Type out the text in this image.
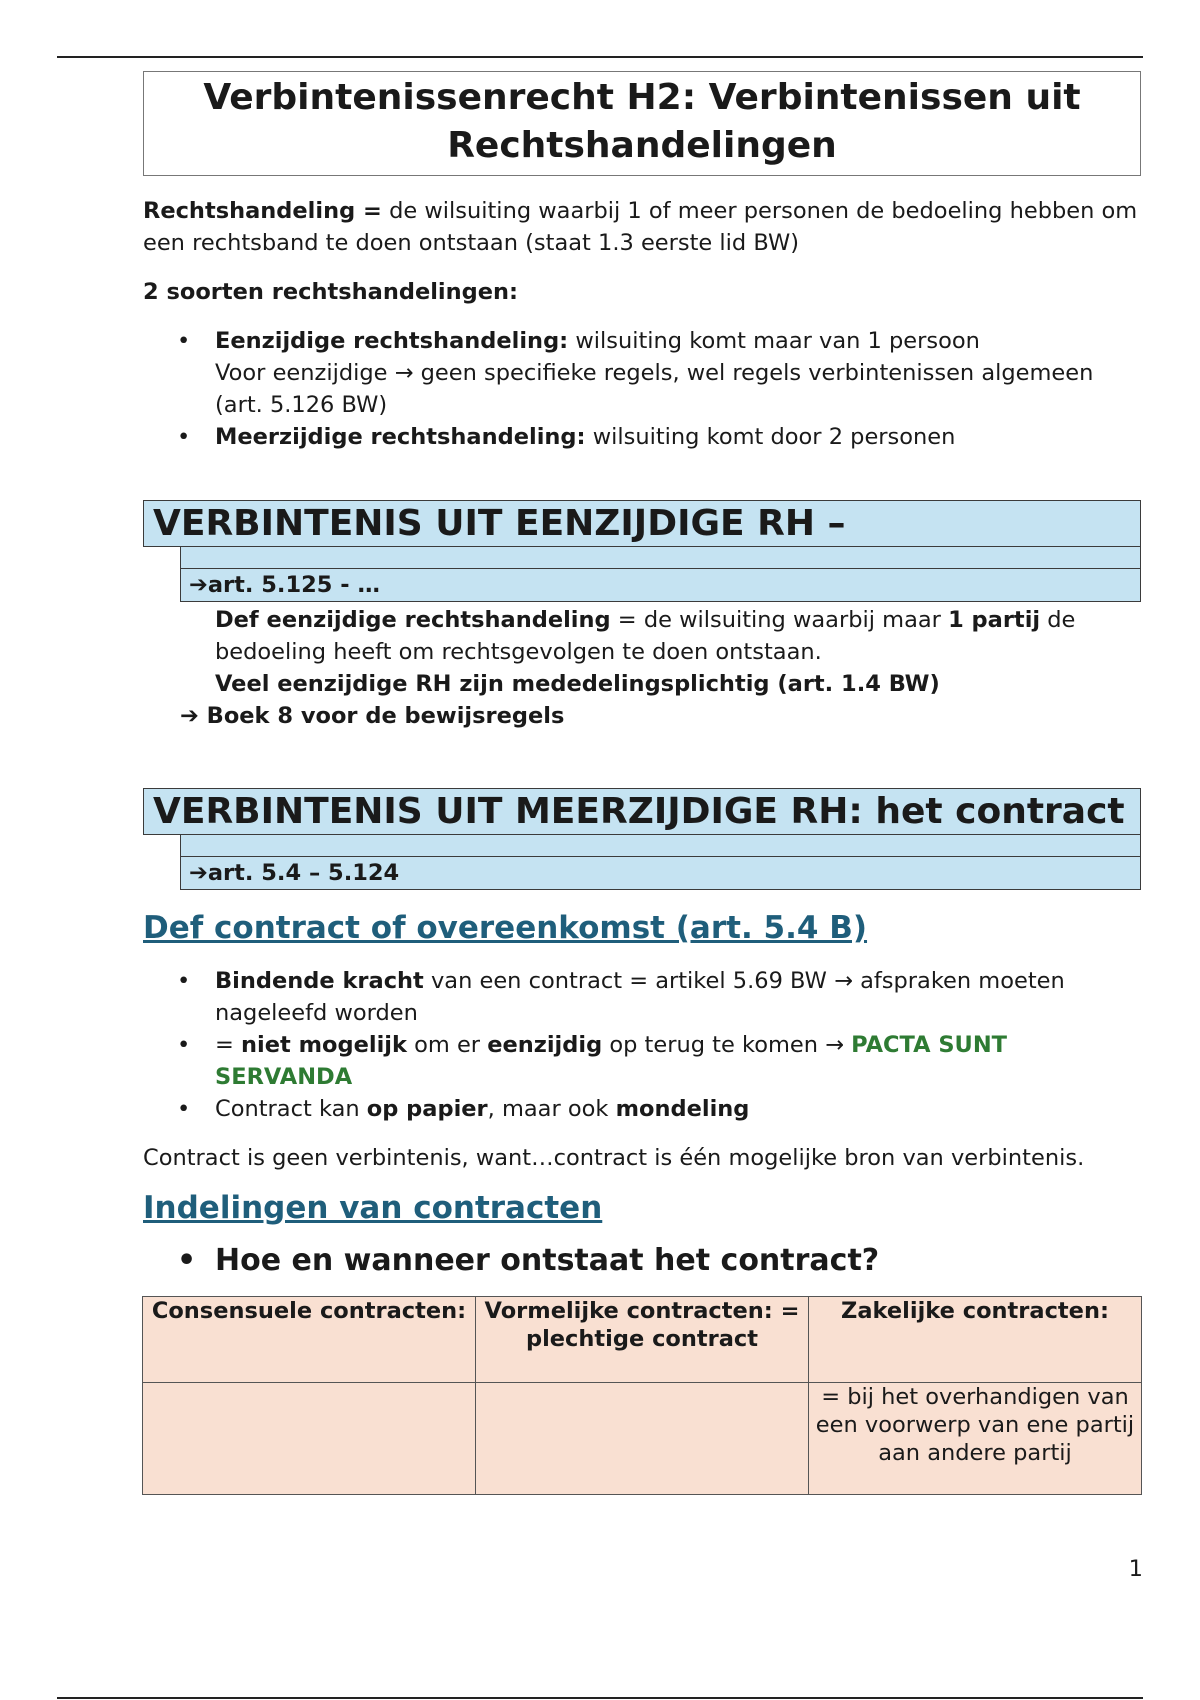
Verbintenissenrecht H2: Verbintenissen uit
Rechtshandelingen

Rechtshandeling = de wilsuiting waarbij 1 of meer personen de bedoeling hebben om een rechtsband te doen ontstaan (staat 1.3 eerste lid BW)

2 soorten rechtshandelingen:

• Eenzijdige rechtshandeling: wilsuiting komt maar van 1 persoon
Voor eenzijdige → geen specifieke regels, wel regels verbintenissen algemeen (art. 5.126 BW)
• Meerzijdige rechtshandeling: wilsuiting komt door 2 personen
VERBINTENIS UIT EENZIJDIGE RH –
➔art. 5.125 - …

Def eenzijdige rechtshandeling = de wilsuiting waarbij maar 1 partij de bedoeling heeft om rechtsgevolgen te doen ontstaan.

Veel eenzijdige RH zijn mededelingsplichtig (art. 1.4 BW)

➔ Boek 8 voor de bewijsregels

VERBINTENIS UIT MEERZIJDIGE RH: het contract
➔art. 5.4 – 5.124
Def contract of overeenkomst (art. 5.4 B)
• Bindende kracht van een contract = artikel 5.69 BW → afspraken moeten nageleefd worden
• = niet mogelijk om er eenzijdig op terug te komen → PACTA SUNT SERVANDA
• Contract kan op papier, maar ook mondeling

Contract is geen verbintenis, want…contract is één mogelijke bron van verbintenis.

Indelingen van contracten
• Hoe en wanneer ontstaat het contract?
Consensuele contracten:	Vormelijke contracten: = plechtige contract	Zakelijke contracten:
		= bij het overhandigen van een voorwerp van ene partij aan andere partij
1
